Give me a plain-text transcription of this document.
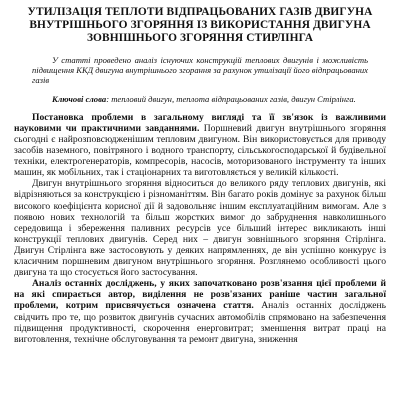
УТИЛІЗАЦІЯ ТЕПЛОТИ ВІДПРАЦЬОВАНИХ ГАЗІВ ДВИГУНА
ВНУТРІШНЬОГО ЗГОРЯННЯ ІЗ ВИКОРИСТАННЯ ДВИГУНА
ЗОВНІШНЬОГО ЗГОРЯННЯ СТИРЛІНГА

У статті проведено аналіз існуючих конструкцій теплових двигунів і можливість підвищення ККД двигуна внутрішнього згорання за рахунок утилізації його відпрацьованих газів

Ключові слова: тепловий двигун, теплота відпрацьованих газів, двигун Стірлінга.

Постановка проблеми в загальному вигляді та її зв'язок із важливими науковими чи практичними завданнями. Поршневий двигун внутрішнього згоряння сьогодні є найрозповсюдженішим тепловим двигуном. Він використовується для приводу засобів наземного, повітряного і водного транспорту, сільськогосподарської й будівельної техніки, електрогенераторів, компресорів, насосів, моторизованого інструменту та інших машин, як мобільних, так і стаціонарних та виготовляється у великій кількості.

Двигун внутрішнього згоряння відноситься до великого ряду теплових двигунів, які відрізняються за конструкцією і різноманіттям. Він багато років домінує за рахунок більш високого коефіцієнта корисної дії й задовольняє іншим експлуатаційним вимогам. Але з появою нових технологій та більш жорстких вимог до забруднення навколишнього середовища і збереження паливних ресурсів усе більший інтерес викликають інші конструкції теплових двигунів. Серед них – двигун зовнішнього згоряння Стірлінга. Двигун Стірлінга вже застосовують у деяких напрямленнях, де він успішно конкурує із класичним поршневим двигуном внутрішнього згоряння. Розглянемо особливості цього двигуна та що стосується його застосування.

Аналіз останніх досліджень, у яких започатковано розв'язання цієї проблеми й на які спирається автор, виділення не розв'язаних раніше частин загальної проблеми, котрим присвячується означена стаття. Аналіз останніх досліджень свідчить про те, що розвиток двигунів сучасних автомобілів спрямовано на забезпечення підвищення продуктивності, скорочення енерговитрат; зменшення витрат праці на виготовлення, технічне обслуговування та ремонт двигуна, зниження
